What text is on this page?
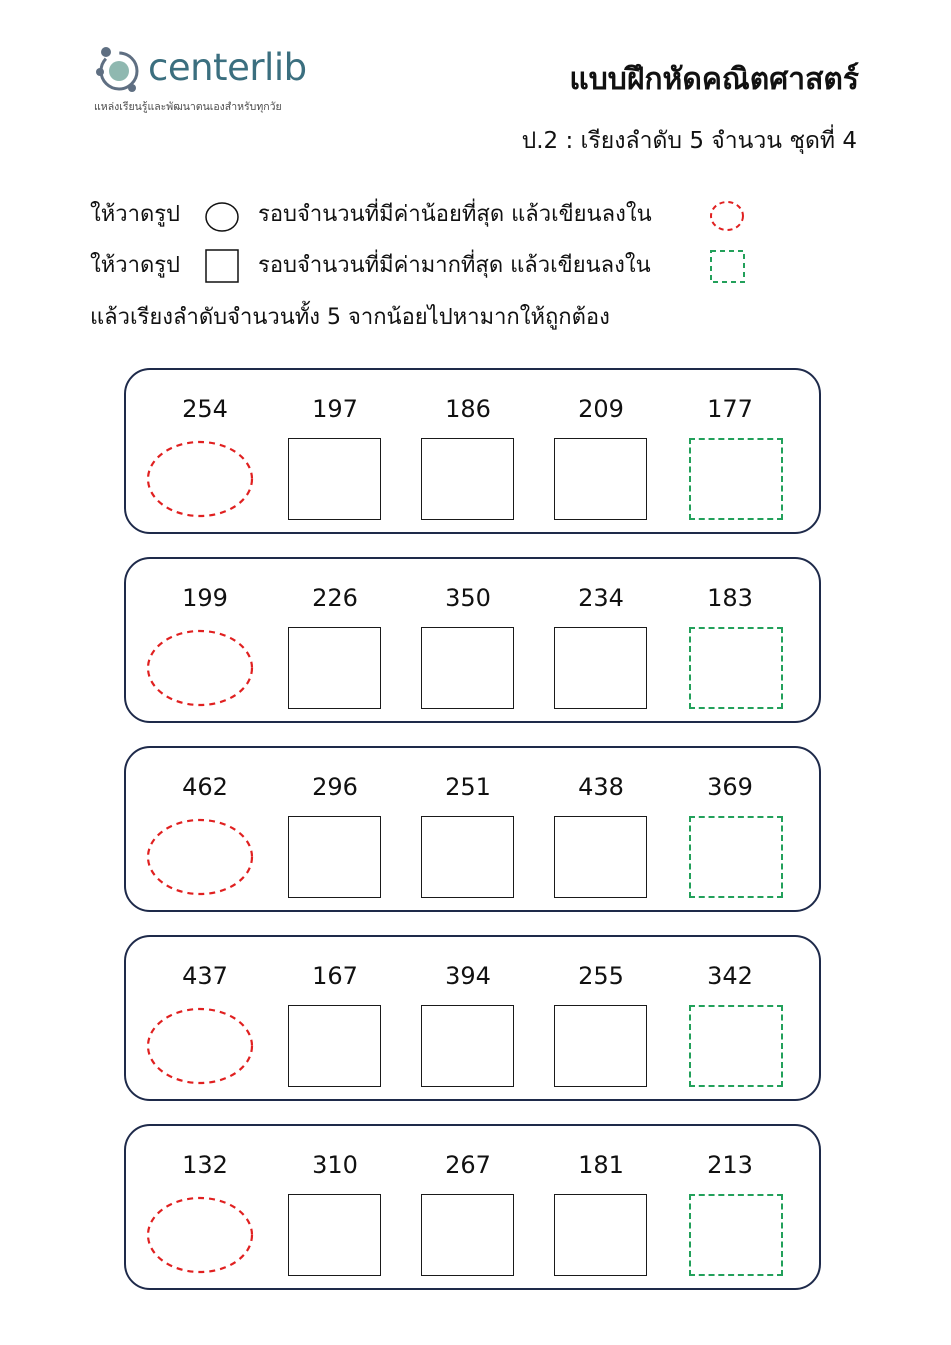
centerlib
แหล่งเรียนรู้และพัฒนาตนเองสำหรับทุกวัย
แบบฝึกหัดคณิตศาสตร์
ป.2 : เรียงลำดับ 5 จำนวน ชุดที่ 4
ให้วาดรูป	รอบจำนวนที่มีค่าน้อยที่สุด แล้วเขียนลงใน
ให้วาดรูป	รอบจำนวนที่มีค่ามากที่สุด แล้วเขียนลงใน
แล้วเรียงลำดับจำนวนทั้ง 5 จากน้อยไปหามากให้ถูกต้อง
254	197	186	209	177
199	226	350	234	183
462	296	251	438	369
437	167	394	255	342
132	310	267	181	213
